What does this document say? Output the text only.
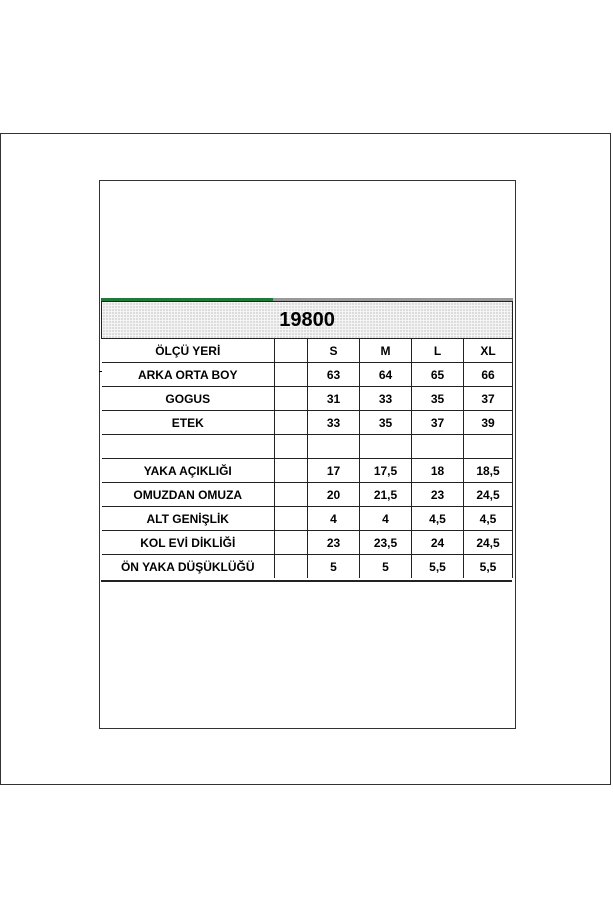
19800					
ÖLÇÜ YERİ		S	M	L	XL
ARKA ORTA BOY		63	64	65	66
GOGUS		31	33	35	37
ETEK		33	35	37	39

YAKA AÇIKLIĞI		17	17,5	18	18,5
OMUZDAN OMUZA		20	21,5	23	24,5
ALT GENİŞLİK		4	4	4,5	4,5
KOL EVİ DİKLİĞİ		23	23,5	24	24,5
ÖN YAKA DÜŞÜKLÜĞÜ		5	5	5,5	5,5
